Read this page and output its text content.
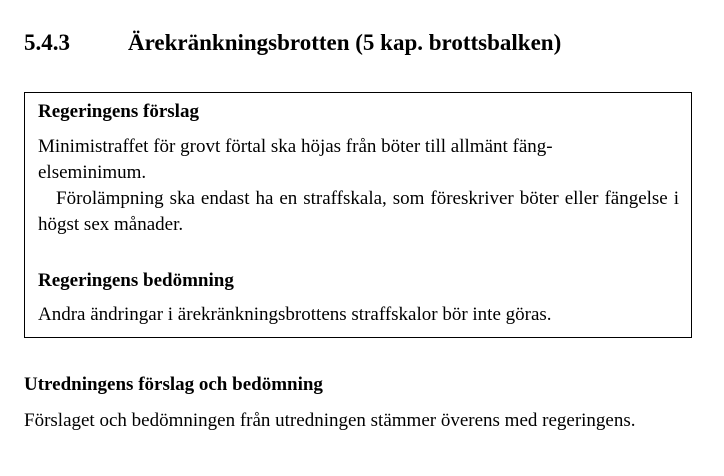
5.4.3	Ärekränkningsbrotten (5 kap. brottsbalken)
Regeringens förslag

Minimistraffet för grovt förtal ska höjas från böter till allmänt fäng-
elseminimum.

Förolämpning ska endast ha en straffskala, som föreskriver böter eller fängelse i högst sex månader.

Regeringens bedömning

Andra ändringar i ärekränkningsbrottens straffskalor bör inte göras.

Utredningens förslag och bedömning

Förslaget och bedömningen från utredningen stämmer överens med regeringens.
